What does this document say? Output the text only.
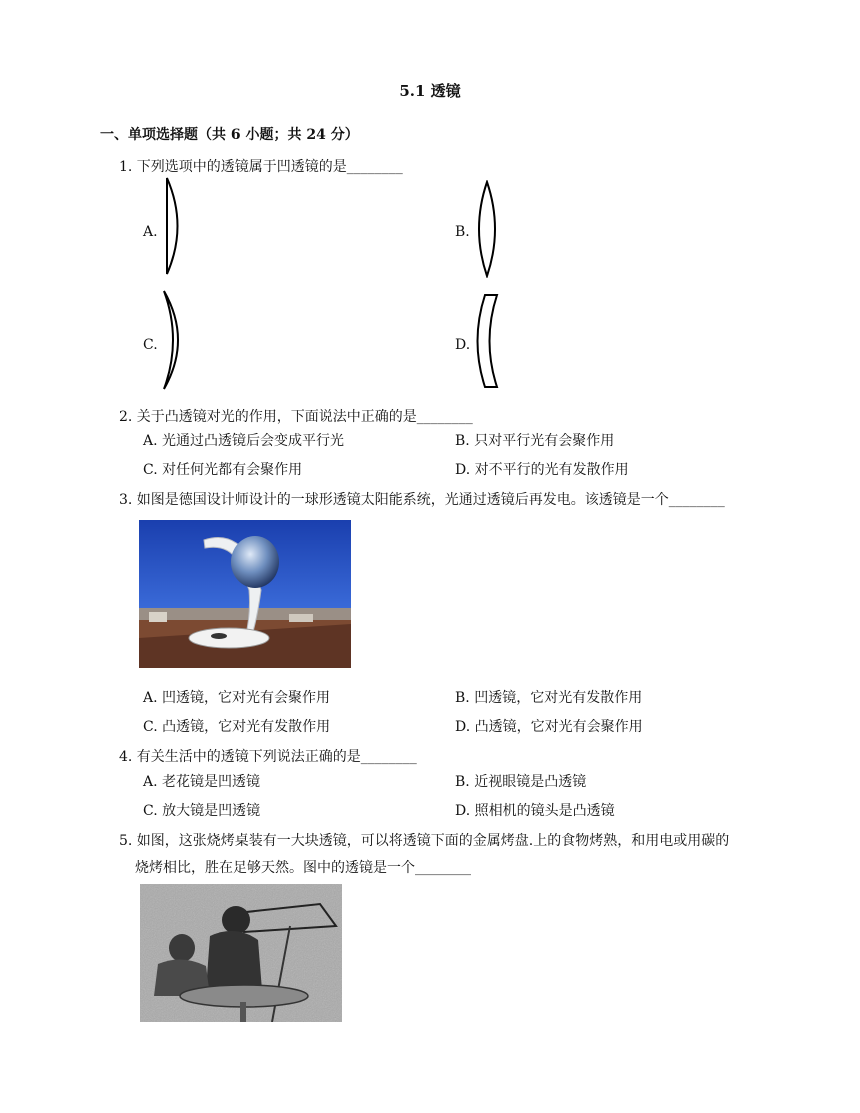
5.1 透镜
一、单项选择题（共 6 小题；共 24 分）
1. 下列选项中的透镜属于凹透镜的是________
A.	B.
C.	D.
2. 关于凸透镜对光的作用，下面说法中正确的是________
A. 光通过凸透镜后会变成平行光	B. 只对平行光有会聚作用
C. 对任何光都有会聚作用	D. 对不平行的光有发散作用
3. 如图是德国设计师设计的一球形透镜太阳能系统，光通过透镜后再发电。该透镜是一个________
A. 凹透镜，它对光有会聚作用	B. 凹透镜，它对光有发散作用
C. 凸透镜，它对光有发散作用	D. 凸透镜，它对光有会聚作用
4. 有关生活中的透镜下列说法正确的是________
A. 老花镜是凹透镜	B. 近视眼镜是凸透镜
C. 放大镜是凹透镜	D. 照相机的镜头是凸透镜
5. 如图，这张烧烤桌装有一大块透镜，可以将透镜下面的金属烤盘.上的食物烤熟，和用电或用碳的
烧烤相比，胜在足够天然。图中的透镜是一个________
